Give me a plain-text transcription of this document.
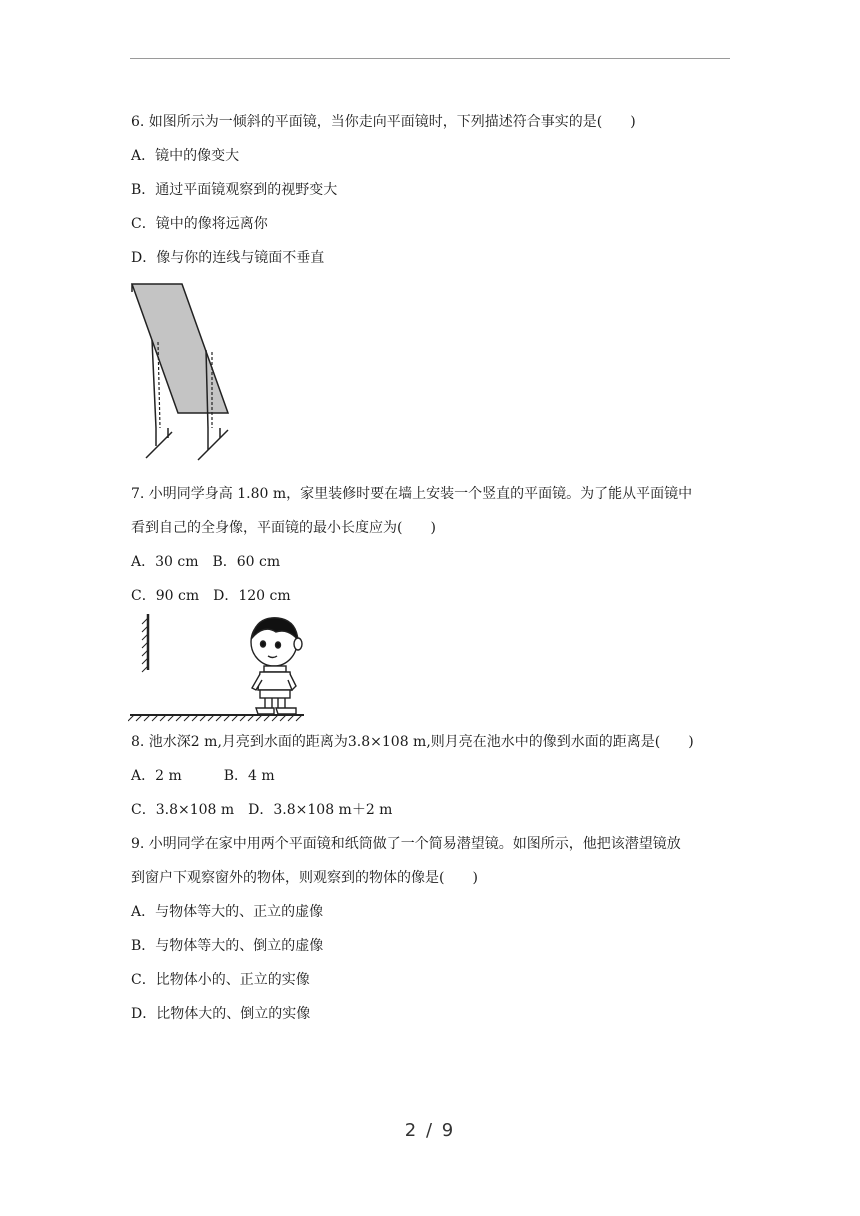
6. 如图所示为一倾斜的平面镜，当你走向平面镜时，下列描述符合事实的是(　　)
A．镜中的像变大
B．通过平面镜观察到的视野变大
C．镜中的像将远离你
D．像与你的连线与镜面不垂直
7. 小明同学身高 1.80 m，家里装修时要在墙上安装一个竖直的平面镜。为了能从平面镜中
看到自己的全身像，平面镜的最小长度应为(　　)
A．30 cm　B．60 cm
C．90 cm　D．120 cm
8. 池水深2 m,月亮到水面的距离为3.8×108 m,则月亮在池水中的像到水面的距离是(　　)
A．2 m　　　B．4 m
C．3.8×108 m　D．3.8×108 m＋2 m
9. 小明同学在家中用两个平面镜和纸筒做了一个简易潜望镜。如图所示，他把该潜望镜放
到窗户下观察窗外的物体，则观察到的物体的像是(　　)
A．与物体等大的、正立的虚像
B．与物体等大的、倒立的虚像
C．比物体小的、正立的实像
D．比物体大的、倒立的实像
2 / 9
